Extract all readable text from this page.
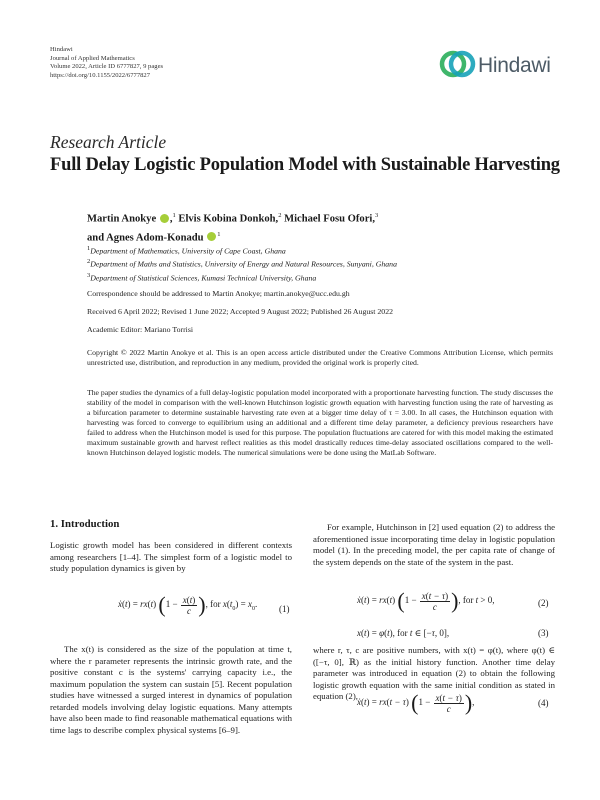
Hindawi
Journal of Applied Mathematics
Volume 2022, Article ID 6777827, 9 pages
https://doi.org/10.1155/2022/6777827	Hindawi
Research Article
Full Delay Logistic Population Model with Sustainable Harvesting
Martin Anokye ,$^1$ Elvis Kobina Donkoh,$^2$ Michael Fosu Ofori,$^3$
and Agnes Adom-Konadu $^1$
$^1$Department of Mathematics, University of Cape Coast, Ghana
$^2$Department of Maths and Statistics, University of Energy and Natural Resources, Sunyani, Ghana
$^3$Department of Statistical Sciences, Kumasi Technical University, Ghana
Correspondence should be addressed to Martin Anokye; martin.anokye@ucc.edu.gh
Received 6 April 2022; Revised 1 June 2022; Accepted 9 August 2022; Published 26 August 2022
Academic Editor: Mariano Torrisi
Copyright © 2022 Martin Anokye et al. This is an open access article distributed under the Creative Commons Attribution License, which permits unrestricted use, distribution, and reproduction in any medium, provided the original work is properly cited.
The paper studies the dynamics of a full delay-logistic population model incorporated with a proportionate harvesting function. The study discusses the stability of the model in comparison with the well-known Hutchinson logistic growth equation with harvesting function using the rate of harvesting as a bifurcation parameter to determine sustainable harvesting rate even at a bigger time delay of τ = 3.00. In all cases, the Hutchinson equation with harvesting was forced to converge to equilibrium using an additional and a different time delay parameter, a deficiency previous researchers have failed to address when the Hutchinson model is used for this purpose. The population fluctuations are catered for with this model making the estimated maximum sustainable growth and harvest reflect realities as this model drastically reduces time-delay associated oscillations compared to the well-known Hutchinson delayed logistic models. The numerical simulations were be done using the MatLab Software.
1. Introduction

Logistic growth model has been considered in different contexts among researchers [1–4]. The simplest form of a logistic model to study population dynamics is given by

ẋ(t) = rx(t) ($1 - \frac{x(t)}{c}$ ), for $x(t_0) = x_0$. (1)

The x(t) is considered as the size of the population at time t, where the r parameter represents the intrinsic growth rate, and the positive constant c is the systems' carrying capacity i.e., the maximum population the system can sustain [5]. Recent population studies have witnessed a surged interest in dynamics of population retarded models involving delay logistic equations. Many attempts have also been made to find reasonable mathematical equations with time lags to describe complex physical systems [6–9].

For example, Hutchinson in [2] used equation (2) to address the aforementioned issue incorporating time delay in logistic population model (1). In the preceding model, the per capita rate of change of the system depends on the state of the system in the past.

ẋ(t) = rx(t) ($1 - \frac{x(t - \tau)}{c}$ ), for t > 0,	(2)
x(t) = φ(t), for t ∈ [−τ, 0],	(3)

where r, τ, c are positive numbers, with x(t) = φ(t), where φ(t) ∈ ([−τ, 0], ℝ) as the initial history function. Another time delay parameter was introduced in equation (2) to obtain the following logistic growth equation with the same initial condition as stated in equation (2),

ẋ(t) = rx(t − τ) ($1 - \frac{x(t - \tau)}{c}$ ),	(4)
